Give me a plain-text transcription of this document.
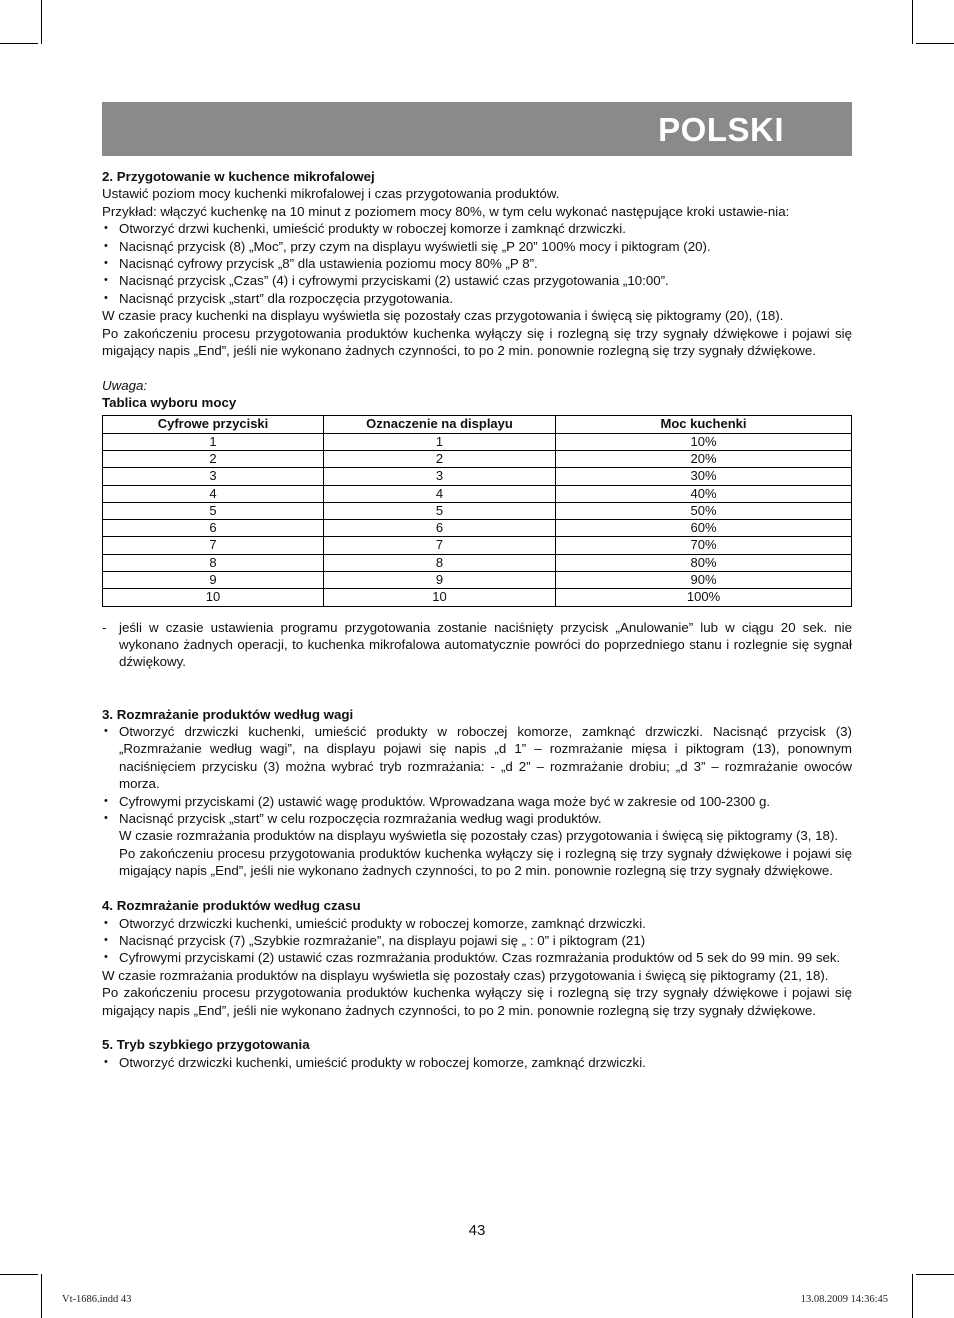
POLSKI

2. Przygotowanie w kuchence mikrofalowej

Ustawić poziom mocy kuchenki mikrofalowej i czas przygotowania produktów.

Przykład: włączyć kuchenkę na 10 minut z poziomem mocy 80%, w tym celu wykonać następujące kroki ustawie-nia:

• Otworzyć drzwi kuchenki, umieścić produkty w roboczej komorze i zamknąć drzwiczki.
• Nacisnąć przycisk (8) „Moc”, przy czym na displayu wyświetli się „P 20” 100% mocy i piktogram (20).
• Nacisnąć cyfrowy przycisk „8” dla ustawienia poziomu mocy 80% „P 8”.
• Nacisnąć przycisk „Czas” (4) i cyfrowymi przyciskami (2) ustawić czas przygotowania „10:00”.
• Nacisnąć przycisk „start” dla rozpoczęcia przygotowania.

W czasie pracy kuchenki na displayu wyświetla się pozostały czas przygotowania i święcą się piktogramy (20), (18).

Po zakończeniu procesu przygotowania produktów kuchenka wyłączy się i rozlegną się trzy sygnały dźwiękowe i pojawi się migający napis „End”, jeśli nie wykonano żadnych czynności, to po 2 min. ponownie rozlegną się trzy sygnały dźwiękowe.

Uwaga:

Tablica wyboru mocy

Cyfrowe przyciski	Oznaczenie na displayu	Moc kuchenki
1	1	10%
2	2	20%
3	3	30%
4	4	40%
5	5	50%
6	6	60%
7	7	70%
8	8	80%
9	9	90%
10	10	100%
- jeśli w czasie ustawienia programu przygotowania zostanie naciśnięty przycisk „Anulowanie” lub w ciągu 20 sek. nie wykonano żadnych operacji, to kuchenka mikrofalowa automatycznie powróci do poprzedniego stanu i rozlegnie się sygnał dźwiękowy.

3. Rozmrażanie produktów według wagi

• Otworzyć drzwiczki kuchenki, umieścić produkty w roboczej komorze, zamknąć drzwiczki. Nacisnąć przycisk (3) „Rozmrażanie według wagi”, na displayu pojawi się napis „d 1” – rozmrażanie mięsa i piktogram (13), ponownym naciśnięciem przycisku (3) można wybrać tryb rozmrażania: - „d 2” – rozmrażanie drobiu; „d 3” – rozmrażanie owoców morza.
• Cyfrowymi przyciskami (2) ustawić wagę produktów. Wprowadzana waga może być w zakresie od 100-2300 g.
• Nacisnąć przycisk „start” w celu rozpoczęcia rozmrażania według wagi produktów.

W czasie rozmrażania produktów na displayu wyświetla się pozostały czas) przygotowania i święcą się piktogramy (3, 18).

Po zakończeniu procesu przygotowania produktów kuchenka wyłączy się i rozlegną się trzy sygnały dźwiękowe i pojawi się migający napis „End”, jeśli nie wykonano żadnych czynności, to po 2 min. ponownie rozlegną się trzy sygnały dźwiękowe.

4. Rozmrażanie produktów według czasu

• Otworzyć drzwiczki kuchenki, umieścić produkty w roboczej komorze, zamknąć drzwiczki.
• Nacisnąć przycisk (7) „Szybkie rozmrażanie”, na displayu pojawi się „ : 0” i piktogram (21)
• Cyfrowymi przyciskami (2) ustawić czas rozmrażania produktów. Czas rozmrażania produktów od 5 sek do 99 min. 99 sek.

W czasie rozmrażania produktów na displayu wyświetla się pozostały czas) przygotowania i święcą się piktogramy (21, 18).

Po zakończeniu procesu przygotowania produktów kuchenka wyłączy się i rozlegną się trzy sygnały dźwiękowe i pojawi się migający napis „End”, jeśli nie wykonano żadnych czynności, to po 2 min. ponownie rozlegną się trzy sygnały dźwiękowe.

5. Tryb szybkiego przygotowania

• Otworzyć drzwiczki kuchenki, umieścić produkty w roboczej komorze, zamknąć drzwiczki.
43
Vt-1686.indd 43	13.08.2009 14:36:45
